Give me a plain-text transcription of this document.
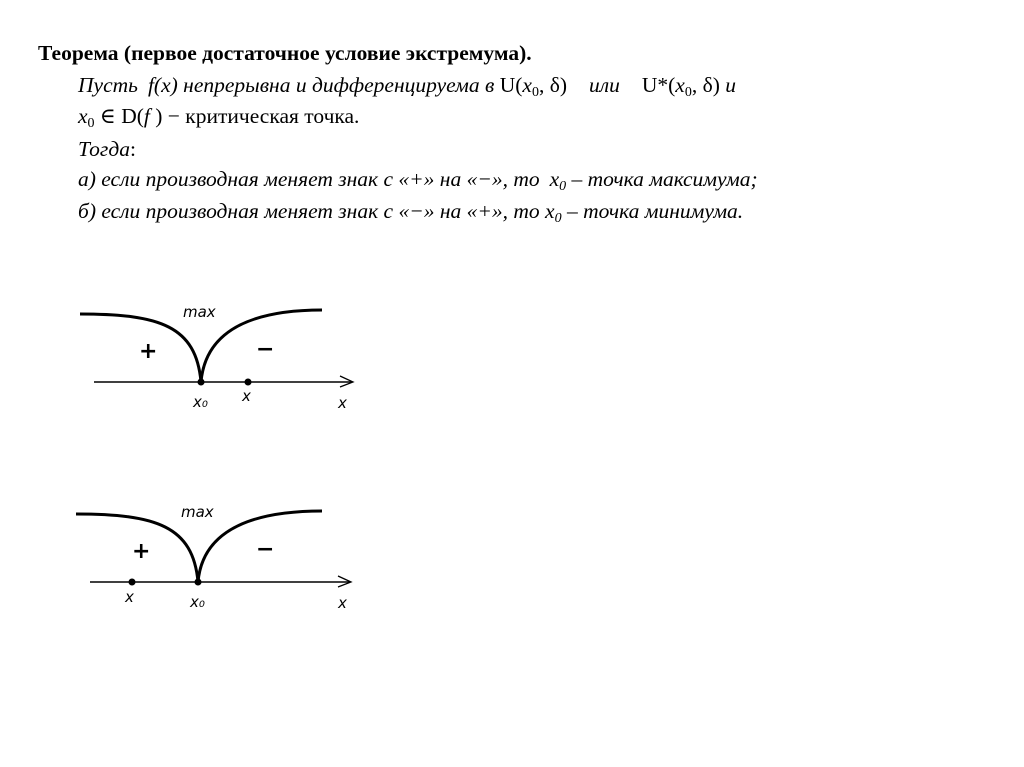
Теорема (первое достаточное условие экстремума).
Пусть f(x) непрерывна и дифференцируема в $U(x_0$, δ) или $U*(x_0$, δ) и
$x_0$ ∈ D(f ) − критическая точка.
Тогда:
а) если производная меняет знак с «+» на «−», то $x_0$ – точка максимума;
б) если производная меняет знак с «−» на «+», то $x_0$ – точка минимума.
max
+	−
x₀ x	x
max
+	−
x	x₀	x
